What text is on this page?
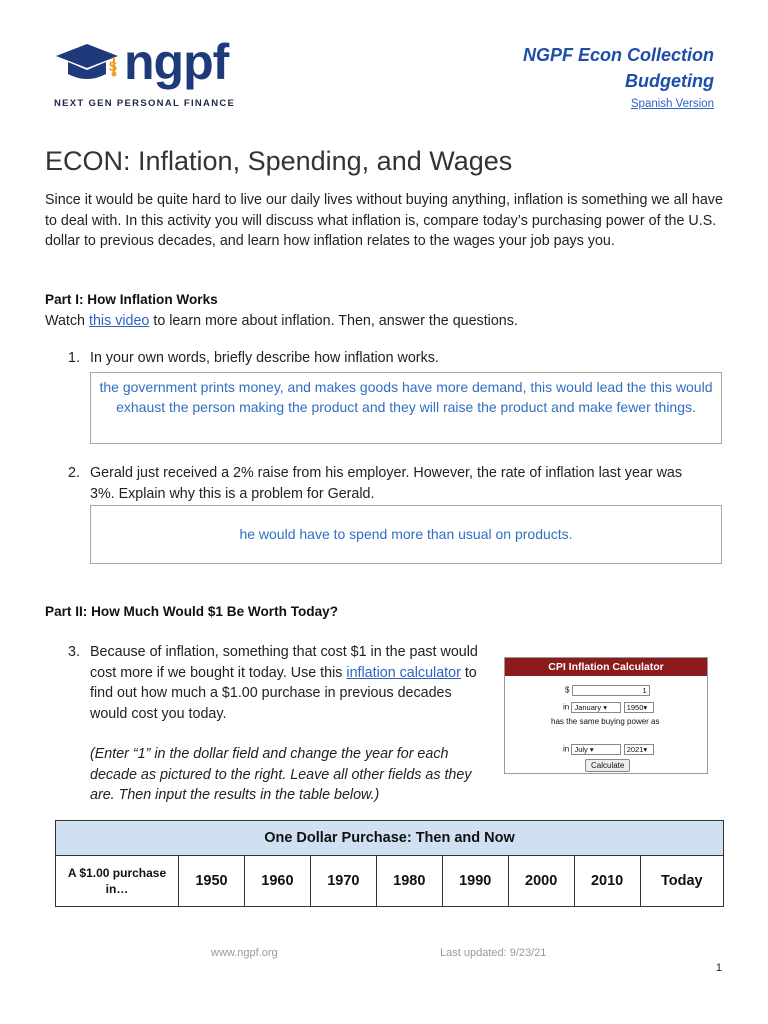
$ ngpf
NEXT GEN PERSONAL FINANCE
NGPF Econ Collection
Budgeting
Spanish Version
ECON: Inflation, Spending, and Wages
Since it would be quite hard to live our daily lives without buying anything, inflation is something we all have to deal with. In this activity you will discuss what inflation is, compare today’s purchasing power of the U.S. dollar to previous decades, and learn how inflation relates to the wages your job pays you.
Part I: How Inflation Works
Watch this video to learn more about inflation. Then, answer the questions.
1. In your own words, briefly describe how inflation works.
the government prints money, and makes goods have more demand, this would lead the this would exhaust the person making the product and they will raise the product and make fewer things.
2. Gerald just received a 2% raise from his employer. However, the rate of inflation last year was 3%. Explain why this is a problem for Gerald.
he would have to spend more than usual on products.
Part II: How Much Would $1 Be Worth Today?
3. Because of inflation, something that cost $1 in the past would cost more if we bought it today. Use this inflation calculator to find out how much a $1.00 purchase in previous decades would cost you today.
(Enter “1” in the dollar field and change the year for each decade as pictured to the right. Leave all other fields as they are. Then input the results in the table below.)
CPI Inflation Calculator
$	1
in January ▾	1950▾
has the same buying power as
in July ▾	2021▾
Calculate
One Dollar Purchase: Then and Now
A $1.00 purchase in…	1950	1960	1970	1980	1990	2000	2010	Today
www.ngpf.org	Last updated: 9/23/21
1
